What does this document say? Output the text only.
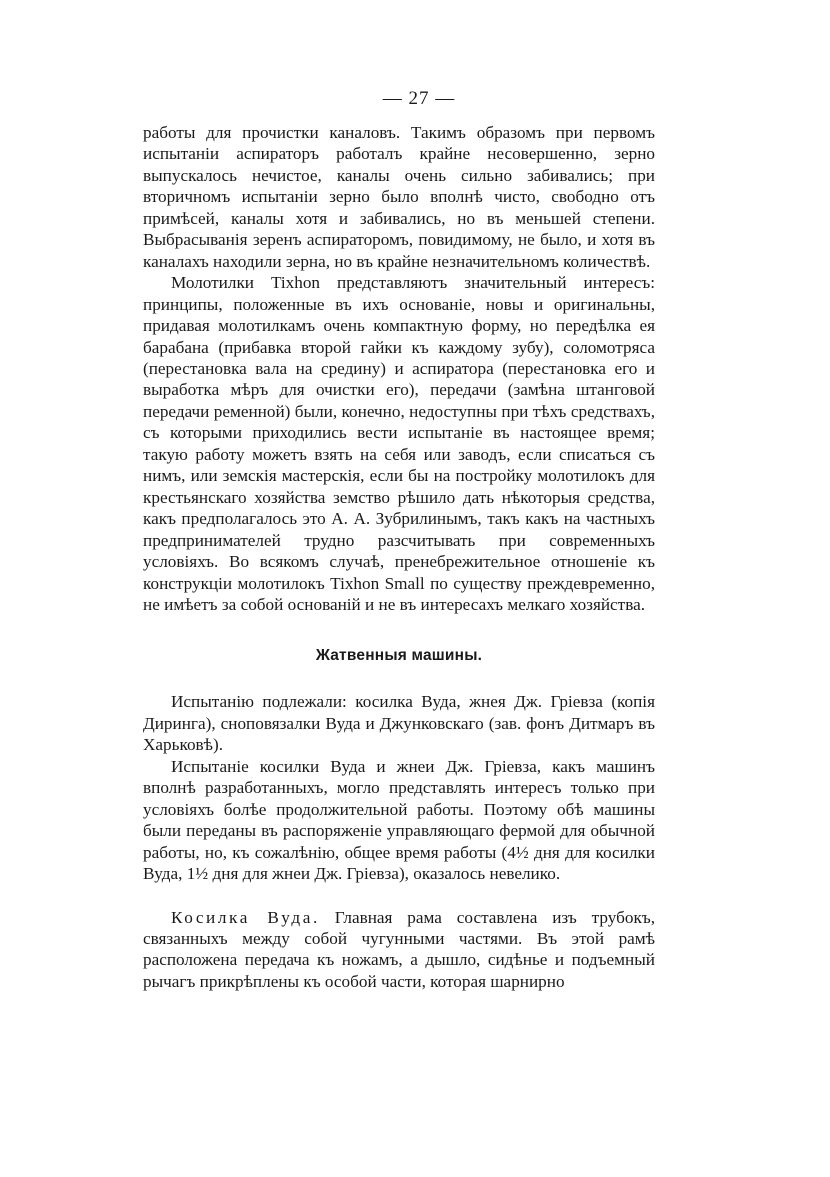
— 27 —

работы для прочистки каналовъ. Такимъ образомъ при первомъ испытаніи аспираторъ работалъ крайне несовершенно, зерно выпускалось нечистое, каналы очень сильно забивались; при вторичномъ испытаніи зерно было вполнѣ чисто, свободно отъ примѣсей, каналы хотя и забивались, но въ меньшей степени. Выбрасыванія зеренъ аспираторомъ, повидимому, не было, и хотя въ каналахъ находили зерна, но въ крайне незначительномъ количествѣ.

Молотилки Tixhon представляютъ значительный интересъ: принципы, положенные въ ихъ основаніе, новы и оригинальны, придавая молотилкамъ очень компактную форму, но передѣлка ея барабана (прибавка второй гайки къ каждому зубу), соломотряса (перестановка вала на средину) и аспиратора (перестановка его и выработка мѣръ для очистки его), передачи (замѣна штанговой передачи ременной) были, конечно, недоступны при тѣхъ средствахъ, съ которыми приходились вести испытаніе въ настоящее время; такую работу можетъ взять на себя или заводъ, если списаться съ нимъ, или земскія мастерскія, если бы на постройку молотилокъ для крестьянскаго хозяйства земство рѣшило дать нѣкоторыя средства, какъ предполагалось это А. А. Зубрилинымъ, такъ какъ на частныхъ предпринимателей трудно разсчитывать при современныхъ условіяхъ. Во всякомъ случаѣ, пренебрежительное отношеніе къ конструкціи молотилокъ Tixhon Small по существу преждевременно, не имѣетъ за собой основаній и не въ интересахъ мелкаго хозяйства.

Жатвенныя машины.

Испытанію подлежали: косилка Вуда, жнея Дж. Гріевза (копія Диринга), сноповязалки Вуда и Джунковскаго (зав. фонъ Дитмаръ въ Харьковѣ).

Испытаніе косилки Вуда и жнеи Дж. Гріевза, какъ машинъ вполнѣ разработанныхъ, могло представлять интересъ только при условіяхъ болѣе продолжительной работы. Поэтому обѣ машины были переданы въ распоряженіе управляющаго фермой для обычной работы, но, къ сожалѣнію, общее время работы (4½ дня для косилки Вуда, 1½ дня для жнеи Дж. Гріевза), оказалось невелико.

Косилка Вуда. Главная рама составлена изъ трубокъ, связанныхъ между собой чугунными частями. Въ этой рамѣ расположена передача къ ножамъ, а дышло, сидѣнье и подъемный рычагъ прикрѣплены къ особой части, которая шарнирно
